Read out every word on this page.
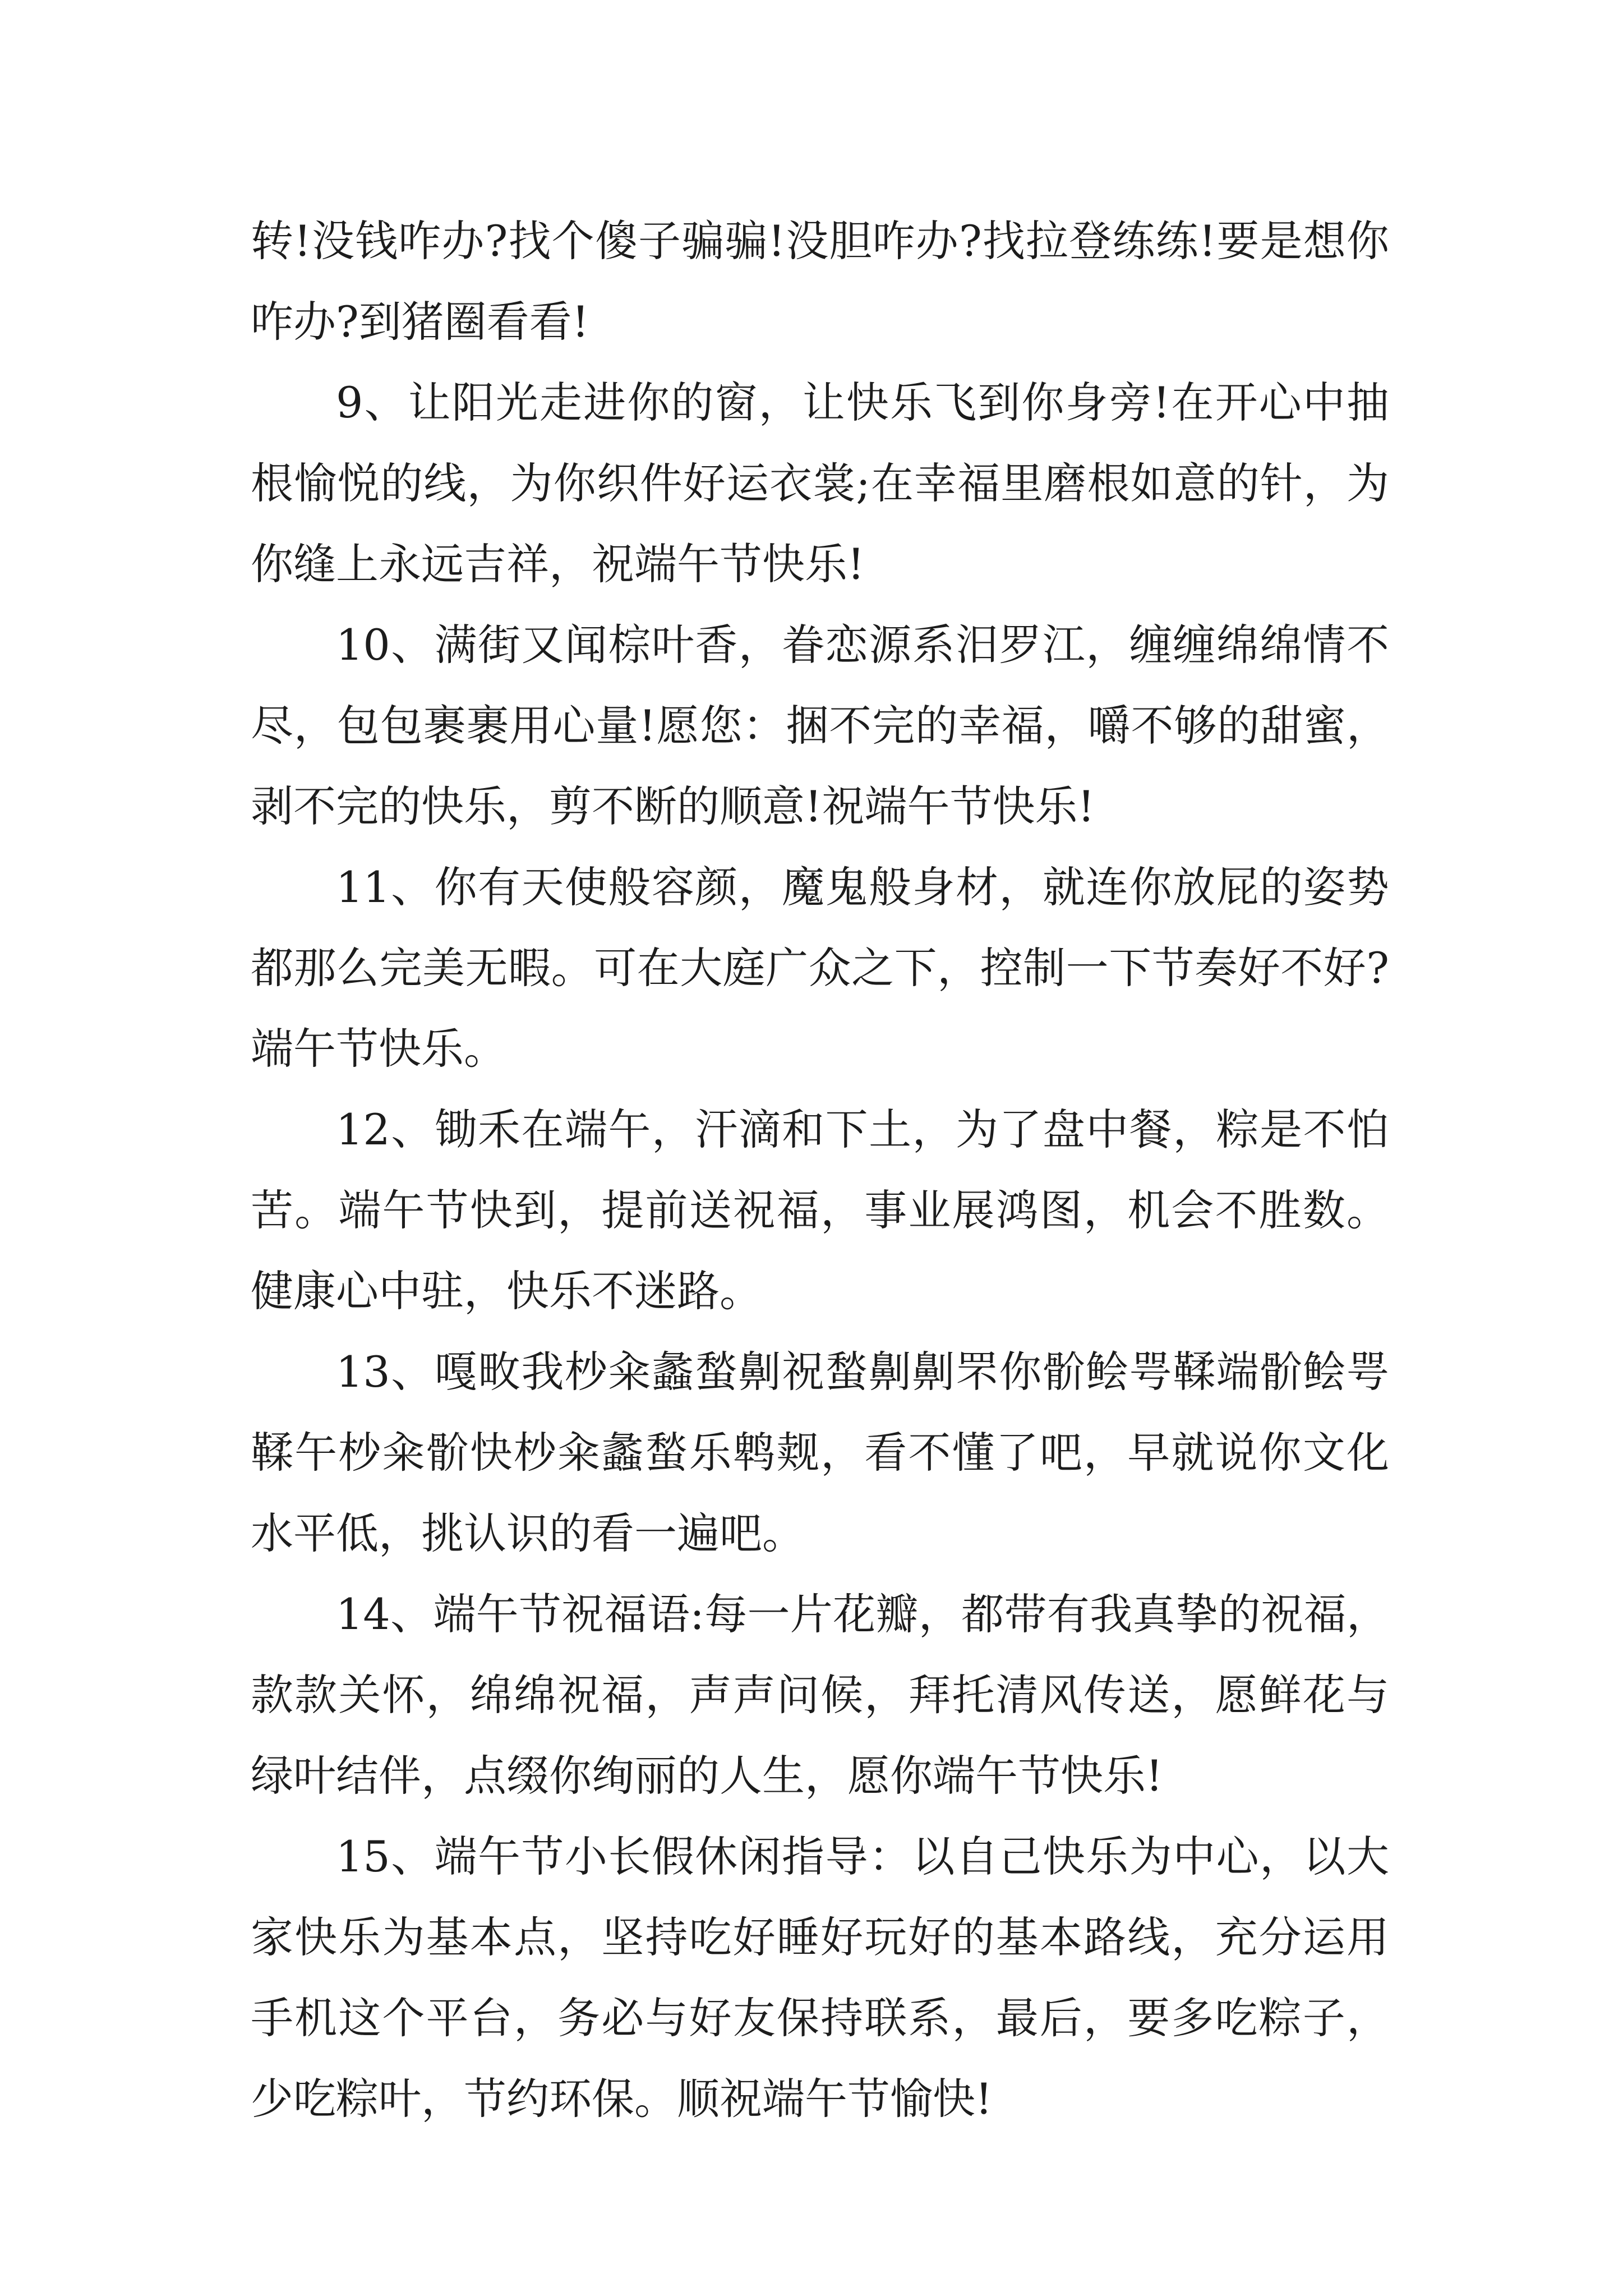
转!没钱咋办?找个傻子骗骗!没胆咋办?找拉登练练!要是想你咋办?到猪圈看看!

9、让阳光走进你的窗，让快乐飞到你身旁!在开心中抽根愉悦的线，为你织件好运衣裳;在幸福里磨根如意的针，为你缝上永远吉祥，祝端午节快乐!

10、满街又闻棕叶香，眷恋源系汨罗江，缠缠绵绵情不尽，包包裹裹用心量!愿您：捆不完的幸福，嚼不够的甜蜜，剥不完的快乐，剪不断的顺意!祝端午节快乐!

11、你有天使般容颜，魔鬼般身材，就连你放屁的姿势都那么完美无暇。可在大庭广众之下，控制一下节奏好不好?端午节快乐。

12、锄禾在端午，汗滴和下土，为了盘中餐，粽是不怕苦。端午节快到，提前送祝福，事业展鸿图，机会不胜数。健康心中驻，快乐不迷路。

13、嘎畋我杪籴蠡蝵劓祝蝵劓劓罘你骱鲙咢鞣端骱鲙咢鞣午杪籴骱快杪籴蠡蝵乐鹎觌，看不懂了吧，早就说你文化水平低，挑认识的看一遍吧。

14、端午节祝福语:每一片花瓣，都带有我真挚的祝福，款款关怀，绵绵祝福，声声问候，拜托清风传送，愿鲜花与绿叶结伴，点缀你绚丽的人生，愿你端午节快乐!

15、端午节小长假休闲指导：以自己快乐为中心，以大家快乐为基本点，坚持吃好睡好玩好的基本路线，充分运用手机这个平台，务必与好友保持联系，最后，要多吃粽子，少吃粽叶，节约环保。顺祝端午节愉快!
